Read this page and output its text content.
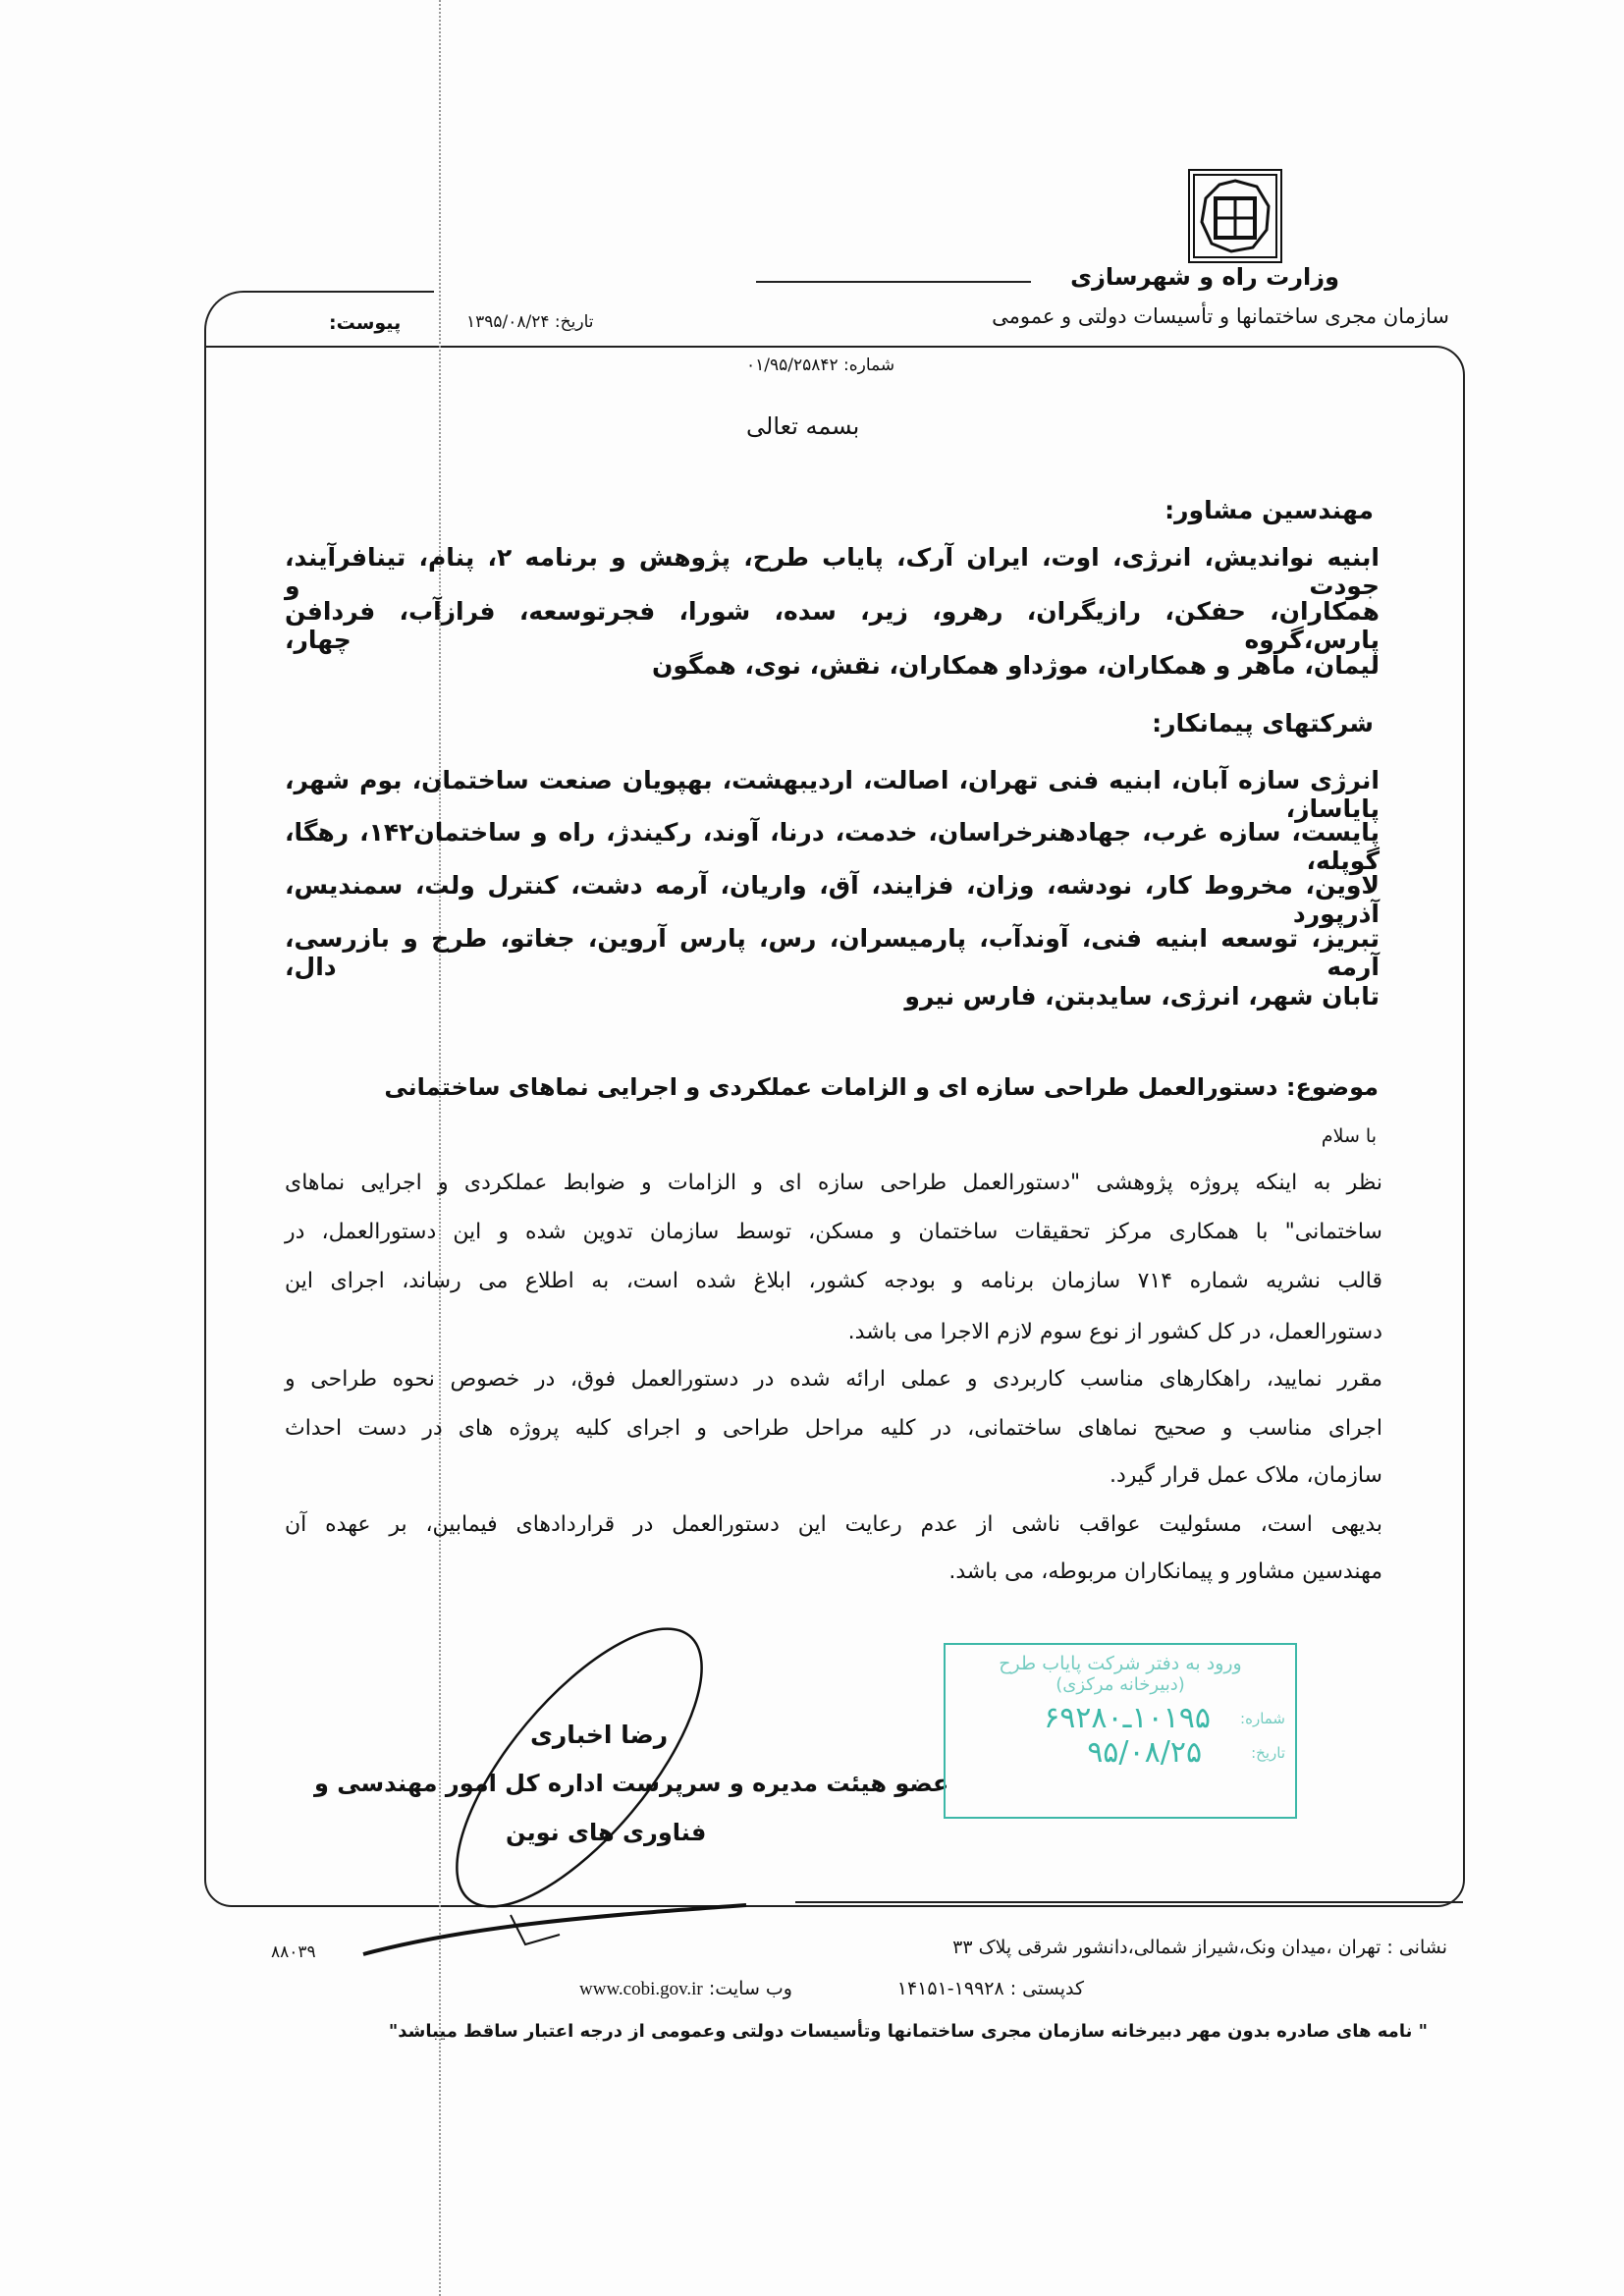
وزارت راه و شهرسازی
سازمان مجری ساختمانها و تأسیسات دولتی و عمومی
شماره: ۰۱/۹۵/۲۵۸۴۲
تاریخ: ۱۳۹۵/۰۸/۲۴
پیوست:
بسمه تعالی
مهندسین مشاور:
ابنیه نواندیش، انرژی، اوت، ایران آرک، پایاب طرح، پژوهش و برنامه ۲، پنام، تینافرآیند، جودت و
همکاران، حفکن، رازیگران، رهرو، زیر، سده، شورا، فجرتوسعه، فرازآب، فردافن پارس،گروه چهار،
لیمان، ماهر و همکاران، موژداو همکاران، نقش، نوی، همگون
شرکتهای پیمانکار:
انرژی سازه آبان، ابنیه فنی تهران، اصالت، اردیبهشت، بهپویان صنعت ساختمان، بوم شهر، پایاساز،
پایست، سازه غرب، جهادهنرخراسان، خدمت، درنا، آوند، رکیندژ، راه و ساختمان۱۴۲، رهگا، گوپله،
لاوین، مخروط کار، نودشه، وزان، فزایند، آق، واریان، آرمه دشت، کنترل ولت، سمندیس، آذرپورد
تبریز، توسعه ابنیه فنی، آوندآب، پارمیسران، رس، پارس آروین، جغاتو، طرح و بازرسی، آرمه دال،
تابان شهر، انرژی، سایدبتن، فارس نیرو
موضوع: دستورالعمل طراحی سازه ای و الزامات عملکردی و اجرایی نماهای ساختمانی
با سلام
نظر به اینکه پروژه پژوهشی "دستورالعمل طراحی سازه ای و الزامات و ضوابط عملکردی و اجرایی نماهای
ساختمانی" با همکاری مرکز تحقیقات ساختمان و مسکن، توسط سازمان تدوین شده و این دستورالعمل، در
قالب نشریه شماره ۷۱۴ سازمان برنامه و بودجه کشور، ابلاغ شده است، به اطلاع می رساند، اجرای این
دستورالعمل، در کل کشور از نوع سوم لازم الاجرا می باشد.
مقرر نمایید، راهکارهای مناسب کاربردی و عملی ارائه شده در دستورالعمل فوق، در خصوص نحوه طراحی و
اجرای مناسب و صحیح نماهای ساختمانی، در کلیه مراحل طراحی و اجرای کلیه پروژه های در دست احداث
سازمان، ملاک عمل قرار گیرد.
بدیهی است، مسئولیت عواقب ناشی از عدم رعایت این دستورالعمل در قراردادهای فیمابین، بر عهده آن
مهندسین مشاور و پیمانکاران مربوطه، می باشد.
رضا اخباری
عضو هیئت مدیره و سرپرست اداره کل امور مهندسی و
فناوری های نوین
ورود به دفتر شرکت پایاب طرح
(دبیرخانه مرکزی)
شماره:
۱۰۱۹۵ـ۶۹۲۸۰
تاریخ:
۹۵/۰۸/۲۵
نشانی : تهران ،میدان ونک،شیراز شمالی،دانشور شرقی پلاک ۳۳
کدپستی : ۱۹۹۲۸-۱۴۱۵۱
وب سایت: www.cobi.gov.ir
" نامه های صادره بدون مهر دبیرخانه سازمان مجری ساختمانها وتأسیسات دولتی وعمومی از درجه اعتبار ساقط میباشد"
۸۸۰۳۹
